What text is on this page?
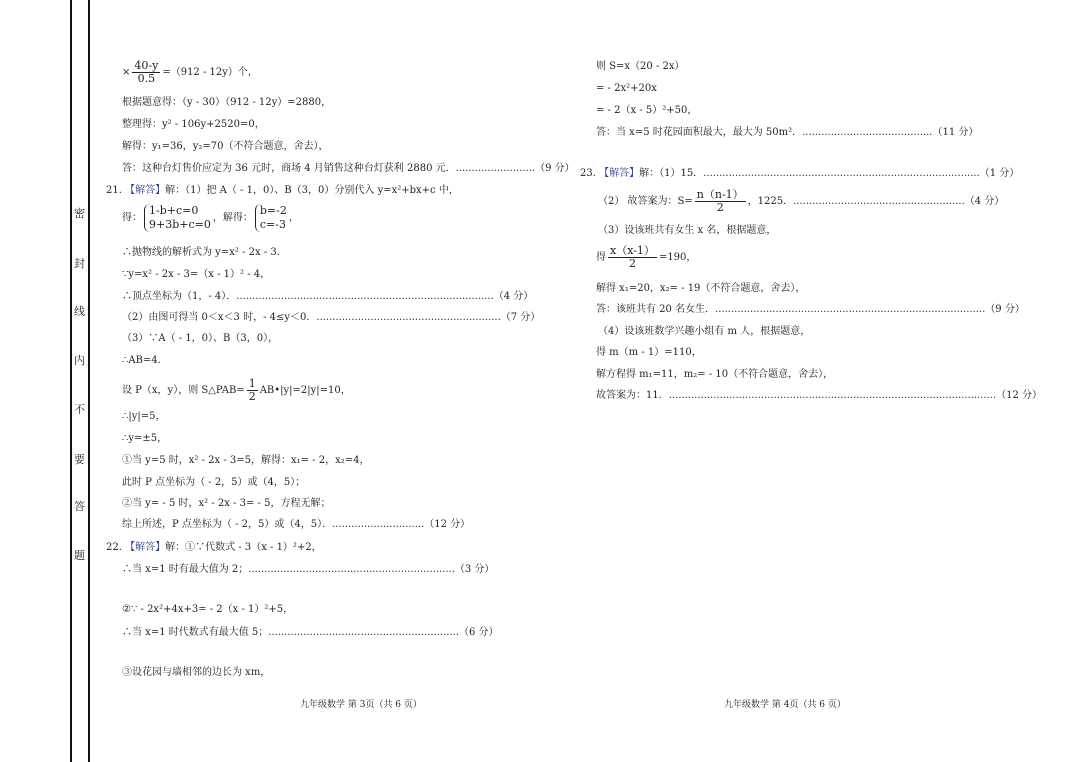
密
封
线
内
不
要
答
题
× $\frac{40-y}{0.5} =(912 - 12y)$个，
根据题意得：（y - 30）（912 - 12y）=2880，
整理得：y² - 106y+2520=0，
解得：y₁=36，y₂=70（不符合题意，舍去），
答：这种台灯售价应定为 36 元时，商场 4 月销售这种台灯获利 2880 元．.........................（9 分）
21. 【解答】解：（1）把 A（ - 1，0）、B（3，0）分别代入 y=x²+bx+c 中，
得：
1-b+c=0
9+3b+c=0 ，解得：
b=-2
c=-3 ，
∴抛物线的解析式为 y=x² - 2x - 3．
∵y=x² - 2x - 3=（x - 1）² - 4，
∴顶点坐标为（1，- 4）．.................................................................................（4 分）
（2）由图可得当 0＜x＜3 时，- 4≤y＜0．..........................................................（7 分）
（3）∵A（ - 1，0）、B（3，0），
∴AB=4．
设 P（x，y），则 S△PAB= $\frac{1}{2}$ AB•|y|=2|y|=10，
∴|y|=5，
∴y=±5，
①当 y=5 时，x² - 2x - 3=5，解得：x₁= - 2，x₂=4，
此时 P 点坐标为（ - 2，5）或（4，5）；
②当 y= - 5 时，x² - 2x - 3= - 5，方程无解；
综上所述，P 点坐标为（ - 2，5）或（4，5）．.............................（12 分）
22. 【解答】解：①∵代数式 - 3（x - 1）²+2，
∴当 x=1 时有最大值为 2；.................................................................（3 分）
②∵ - 2x²+4x+3= - 2（x - 1）²+5，
∴当 x=1 时代数式有最大值 5；............................................................（6 分）
③设花园与墙相邻的边长为 xm，
九年级数学 第 3页（共 6 页）
则 S=x（20 - 2x）
= - 2x²+20x
= - 2（x - 5）²+50，
答：当 x=5 时花园面积最大，最大为 50m²．.........................................（11 分）
23. 【解答】解：（1）15．.......................................................................................（1 分）
（2） 故答案为：$S= \frac{n(n-1)}{2}$ ，1225．......................................................（4 分）
（3）设该班共有女生 x 名，根据题意，
得 $\frac{x(x-1)}{2} =190$，
解得 x₁=20，x₂= - 19（不符合题意，舍去），
答：该班共有 20 名女生．.....................................................................................（9 分）
（4）设该班数学兴趣小组有 m 人，根据题意，
得 m（m - 1）=110，
解方程得 m₁=11，m₂= - 10（不符合题意，舍去），
故答案为：11．.......................................................................................................（12 分）
九年级数学 第 4页（共 6 页）
